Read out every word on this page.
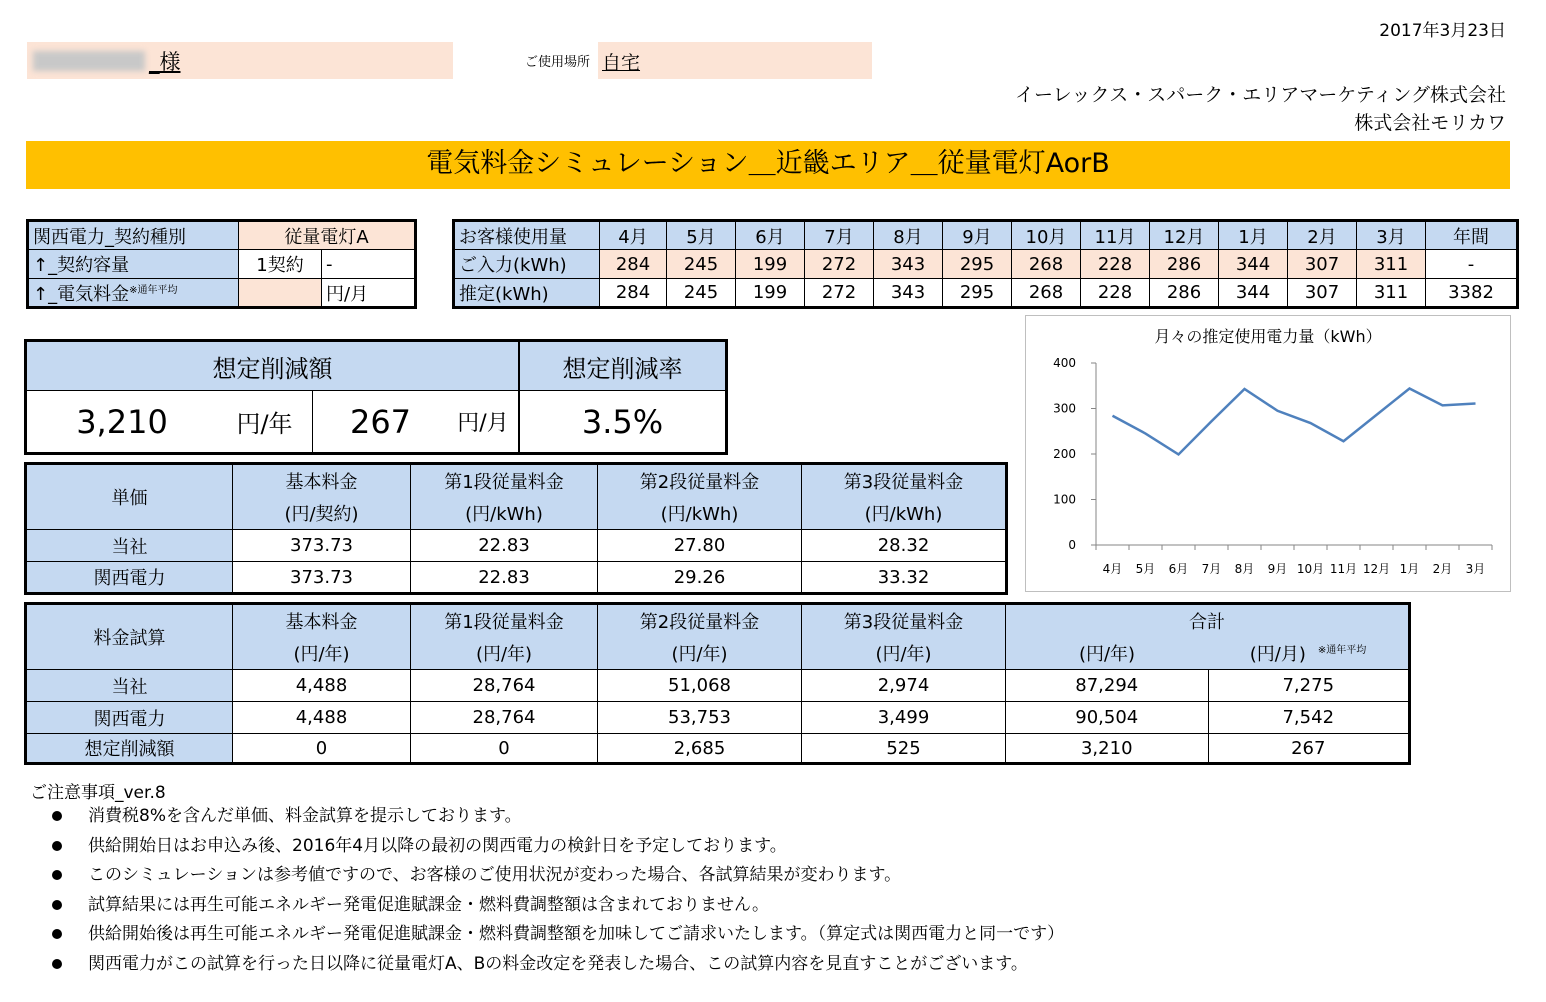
2017年3月23日
_様	ご使用場所 自宅
イーレックス・スパーク・エリアマーケティング株式会社
株式会社モリカワ
電気料金シミュレーション＿近畿エリア＿従量電灯AorB
関西電力_契約種別	従量電灯A	
↑_契約容量	1契約	-
↑_電気料金$^{※通年平均}$		円/月
お客様使用量	4月	5月	6月	7月	8月	9月	10月	11月	12月	1月	2月	3月	年間
ご入力(kWh)	284	245	199	272	343	295	268	228	286	344	307	311	-
推定(kWh)	284	245	199	272	343	295	268	228	286	344	307	311	3382
想定削減額				想定削減率
3,210	円/年	267	円/月	3.5%
単価	基本料金	第1段従量料金	第2段従量料金	第3段従量料金
	(円/契約)	(円/kWh)	(円/kWh)	(円/kWh)
当社	373.73	22.83	27.80	28.32
関西電力	373.73	22.83	29.26	33.32
料金試算	基本料金	第1段従量料金	第2段従量料金	第3段従量料金	合計	
	(円/年)	(円/年)	(円/年)	(円/年)	(円/年)	(円/月) $^{※通年平均}$
当社	4,488	28,764	51,068	2,974	87,294	7,275
関西電力	4,488	28,764	53,753	3,499	90,504	7,542
想定削減額	0	0	2,685	525	3,210	267
月々の推定使用電力量（kWh）
0
100
200
300
400
4月 5月 6月 7月 8月 9月 10月 11月 12月 1月 2月 3月
ご注意事項_ver.8
消費税8%を含んだ単価、料金試算を提示しております。
供給開始日はお申込み後、2016年4月以降の最初の関西電力の検針日を予定しております。
このシミュレーションは参考値ですので、お客様のご使用状況が変わった場合、各試算結果が変わります。
試算結果には再生可能エネルギー発電促進賦課金・燃料費調整額は含まれておりません。
供給開始後は再生可能エネルギー発電促進賦課金・燃料費調整額を加味してご請求いたします。（算定式は関西電力と同一です）
関西電力がこの試算を行った日以降に従量電灯A、Bの料金改定を発表した場合、この試算内容を見直すことがございます。
